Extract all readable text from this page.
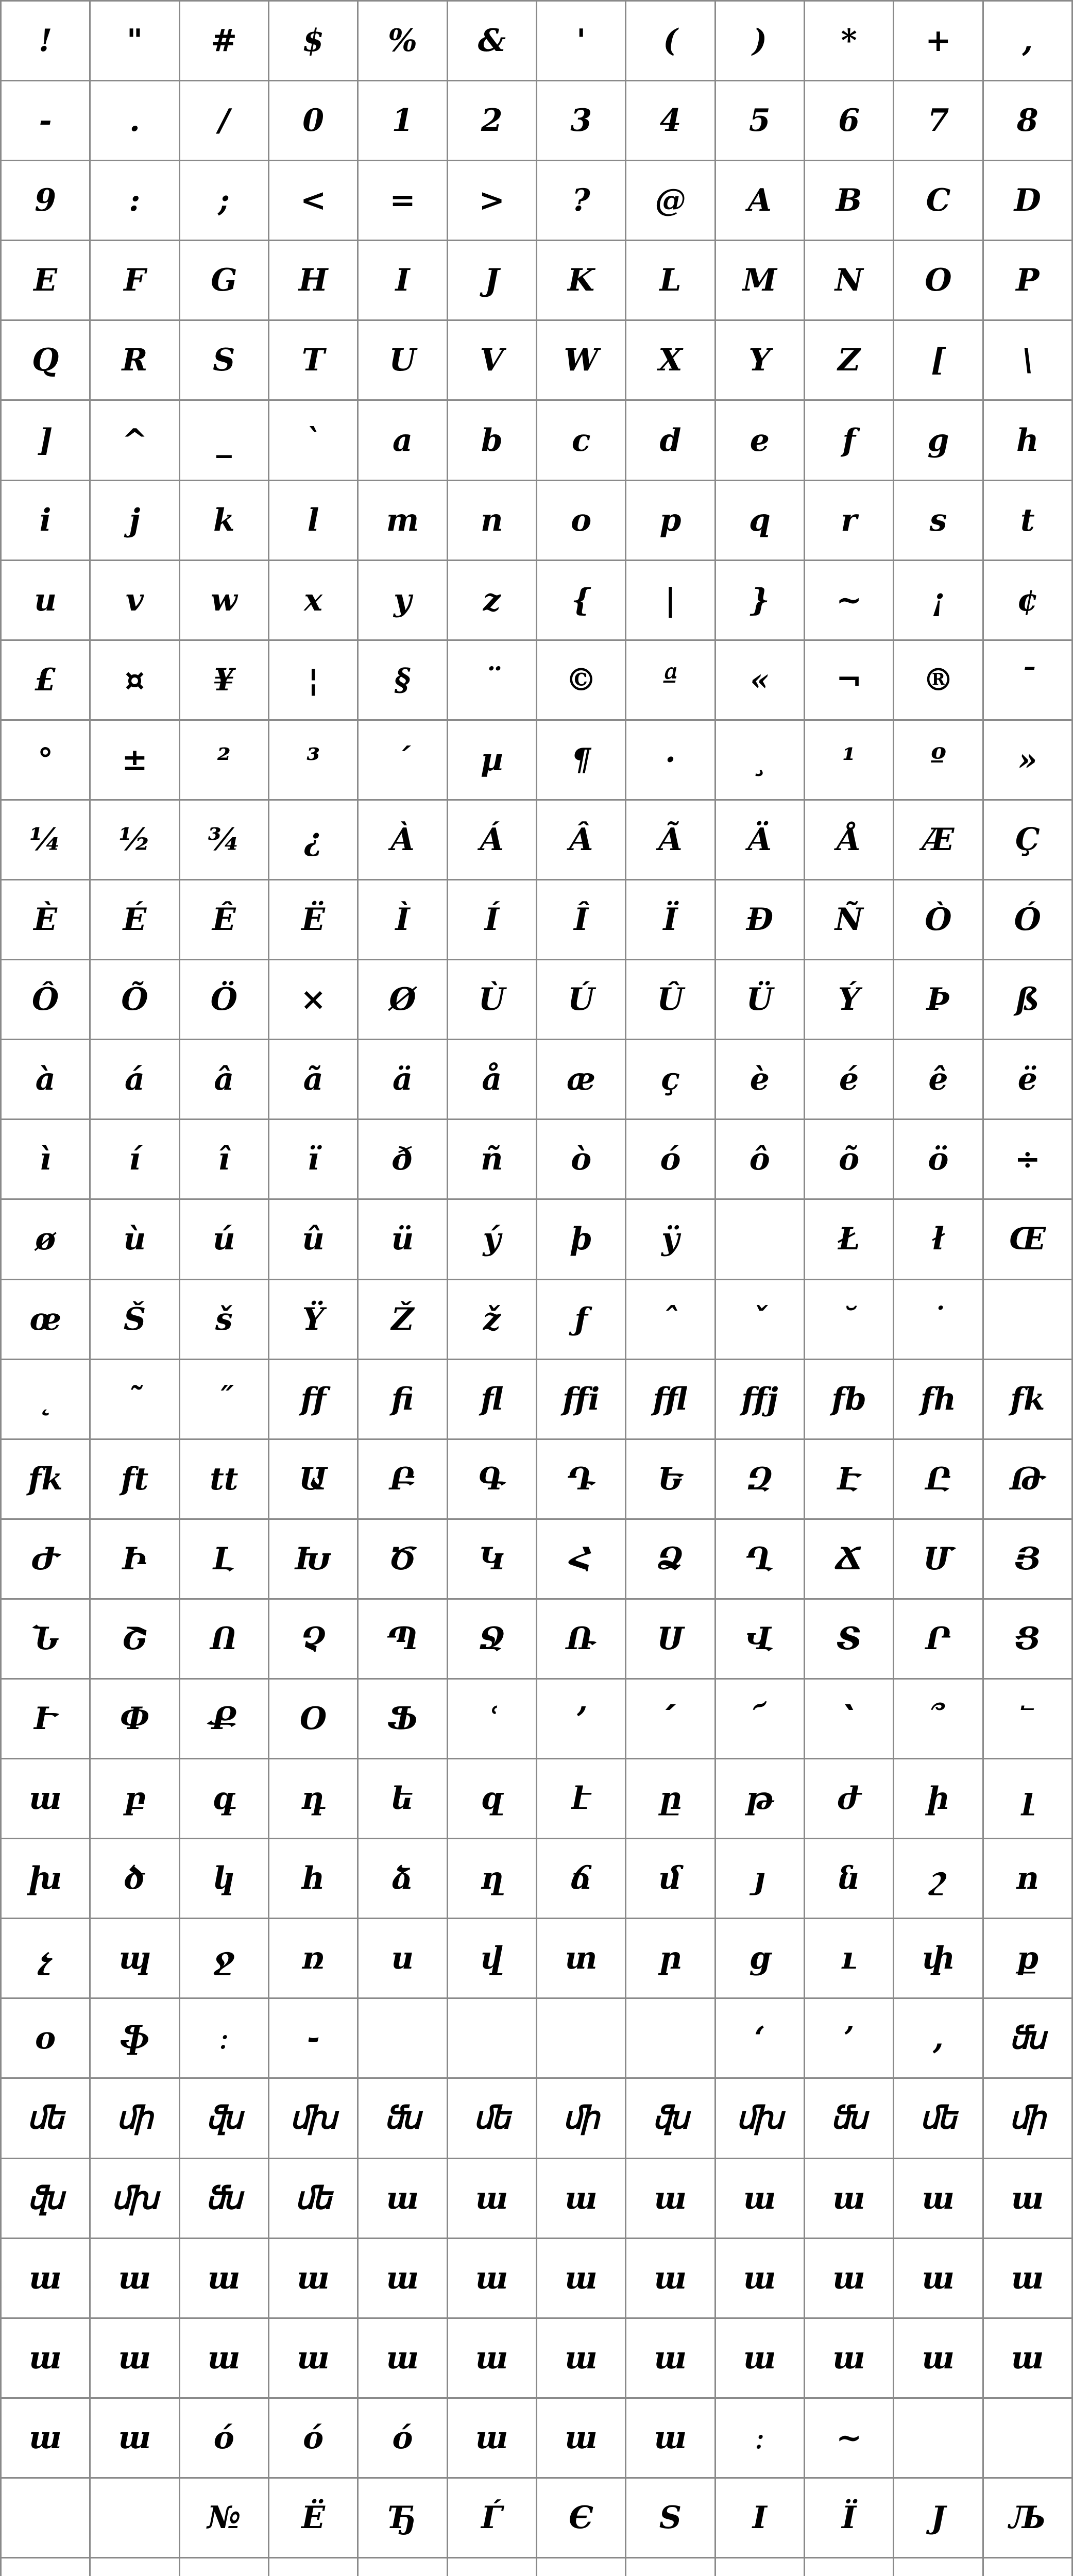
!	"	#	$	%	&	'	(	)	*	+	,
-	.	/	0	1	2	3	4	5	6	7	8
9	:	;	<	=	>	?	@	A	B	C	D
E	F	G	H	I	J	K	L	M	N	O	P
Q	R	S	T	U	V	W	X	Y	Z	[	\
]	^	_	`	a	b	c	d	e	f	g	h
i	j	k	l	m	n	o	p	q	r	s	t
u	v	w	x	y	z	{	|	}	~	¡	¢
£	¤	¥	¦	§	¨	©	ª	«	¬	®	¯
°	±	²	³	´	µ	¶	·	¸	¹	º	»
¼	½	¾	¿	À	Á	Â	Ã	Ä	Å	Æ	Ç
È	É	Ê	Ë	Ì	Í	Î	Ï	Ð	Ñ	Ò	Ó
Ô	Õ	Ö	×	Ø	Ù	Ú	Û	Ü	Ý	Þ	ß
à	á	â	ã	ä	å	æ	ç	è	é	ê	ë
ì	í	î	ï	ð	ñ	ò	ó	ô	õ	ö	÷
ø	ù	ú	û	ü	ý	þ	ÿ		Ł	ł	Œ
œ	Š	š	Ÿ	Ž	ž	ƒ	ˆ	ˇ	˘	˙	
˛	˜	˝	ff	fi	fl	ffi	ffl	ﬀj	fb	fh	fk
fk	ft	tt	Ա	Բ	Գ	Դ	Ե	Զ	Է	Ը	Թ
Ժ	Ի	Լ	Խ	Ծ	Կ	Հ	Ձ	Ղ	Ճ	Մ	Յ
Ն	Շ	Ո	Չ	Պ	Ջ	Ռ	Ս	Վ	Տ	Ր	Ց
Ւ	Փ	Ք	Օ	Ֆ	ՙ	՚	՛	՜	՝	՞	՟
ա	բ	գ	դ	ե	զ	է	ը	թ	ժ	ի	լ
խ	ծ	կ	հ	ձ	ղ	ճ	մ	յ	ն	շ	ո
չ	պ	ջ	ռ	ս	վ	տ	ր	ց	ւ	փ	ք
օ	ֆ	։	֊					‘	’	,	ﬓ
ﬔ	ﬕ	ﬖ	ﬗ	ﬓ	ﬔ	ﬕ	ﬖ	ﬗ	ﬓ	ﬔ	ﬕ
ﬖ	ﬗ	ﬓ	ﬔ	ա	ա	ա	ա	ա	ա	ա	ա
ա	ա	ա	ա	ա	ա	ա	ա	ա	ա	ա	ա
ա	ա	ա	ա	ա	ա	ա	ա	ա	ա	ա	ա
ա	ա	ó	ó	ó	ա	ա	ա	։	~		
		№	Ë	Ђ	Ѓ	Є	S	I	Ï	J	Љ
